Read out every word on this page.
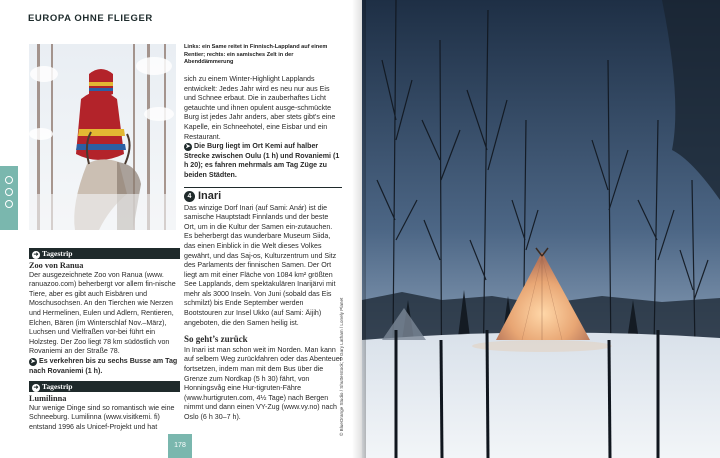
EUROPA OHNE FLIEGER
Links: ein Same reitet in Finnisch-Lappland auf einem Rentier; rechts: ein samisches Zelt in der Abenddämmerung

sich zu einem Winter-Highlight Lapplands entwickelt: Jedes Jahr wird es neu nur aus Eis und Schnee erbaut. Die in zauberhaftes Licht getauchte und ihnen opulent ausge-schmückte Burg ist jedes Jahr anders, aber stets gibt’s eine Kapelle, ein Schneehotel, eine Eisbar und ein Restaurant.

➤ Die Burg liegt im Ort Kemi auf halber Strecke zwischen Oulu (1 h) und Rovaniemi (1 h 20); es fahren mehrmals am Tag Züge zu beiden Städten.

4 Inari

Das winzige Dorf Inari (auf Sami: Anár) ist die samische Hauptstadt Finnlands und der beste Ort, um in die Kultur der Samen ein-zutauchen. Es beherbergt das wunderbare Museum Siida, das einen Einblick in die Welt dieses Volkes gewährt, und das Saj-os, Kulturzentrum und Sitz des Parlaments der finnischen Samen. Der Ort liegt am mit einer Fläche von 1084 km² größten See Lapplands, dem spektakulären Inarijärvi mit mehr als 3000 Inseln. Von Juni (sobald das Eis schmilzt) bis Ende September werden Bootstouren zur Insel Ukko (auf Sami: Äijih) angeboten, die den Samen heilig ist.

So geht’s zurück

In Inari ist man schon weit im Norden. Man kann auf selbem Weg zurückfahren oder das Abenteuer fortsetzen, indem man mit dem Bus über die Grenze zum Nordkap (5 h 30) fährt, von Honningsvåg eine Hur-tigruten-Fähre (www.hurtigruten.com, 4½ Tage) nach Bergen nimmt und dann einen VY-Zug (www.vy.no) nach Oslo (6 h 30–7 h).

➜ Tagestrip
Zoo von Ranua

Der ausgezeichnete Zoo von Ranua (www. ranuazoo.com) beherbergt vor allem fin-nische Tiere, aber es gibt auch Eisbären und Moschusochsen. An den Tierchen wie Nerzen und Hermelinen, Eulen und Adlern, Rentieren, Elchen, Bären (im Winterschlaf Nov.–März), Luchsen und Vielfraßen vor-bei führt ein Holzsteg. Der Zoo liegt 78 km südöstlich von Rovaniemi an der Straße 78.

➤ Es verkehren bis zu sechs Busse am Tag nach Rovaniemi (1 h).

➜ Tagestrip
Lumilinna

Nur wenige Dinge sind so romantisch wie eine Schneeburg. Lumilinna (www.visitkemi. fi) entstand 1996 als Unicef-Projekt und hat	© BlueOrange Studio / Shutterstock; © Gary Latham / Lonely Planet
178
